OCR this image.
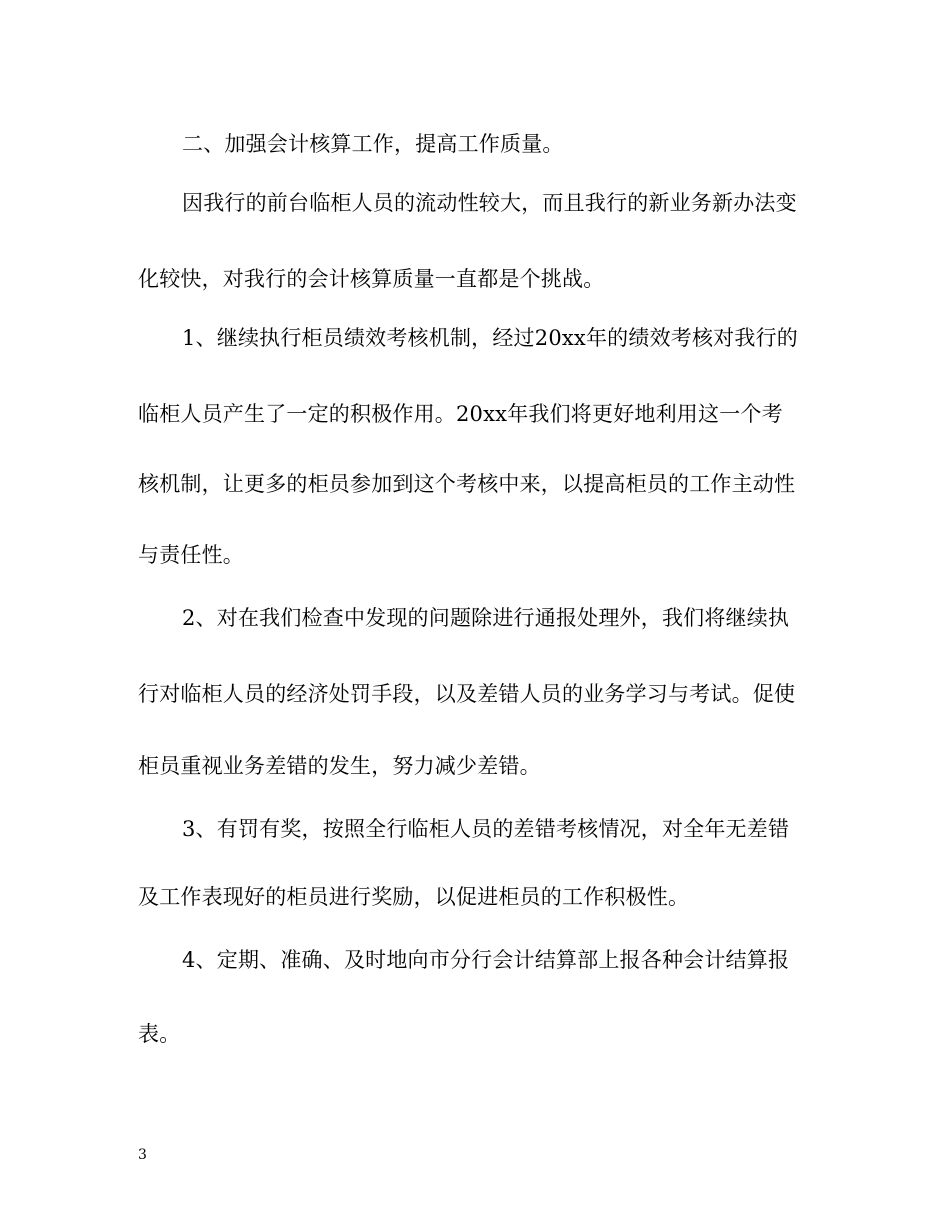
二、加强会计核算工作，提高工作质量。
因我行的前台临柜人员的流动性较大，而且我行的新业务新办法变
化较快，对我行的会计核算质量一直都是个挑战。
1、继续执行柜员绩效考核机制，经过20xx年的绩效考核对我行的
临柜人员产生了一定的积极作用。20xx年我们将更好地利用这一个考
核机制，让更多的柜员参加到这个考核中来，以提高柜员的工作主动性
与责任性。
2、对在我们检查中发现的问题除进行通报处理外，我们将继续执
行对临柜人员的经济处罚手段，以及差错人员的业务学习与考试。促使
柜员重视业务差错的发生，努力减少差错。
3、有罚有奖，按照全行临柜人员的差错考核情况，对全年无差错
及工作表现好的柜员进行奖励，以促进柜员的工作积极性。
4、定期、准确、及时地向市分行会计结算部上报各种会计结算报
表。
3
